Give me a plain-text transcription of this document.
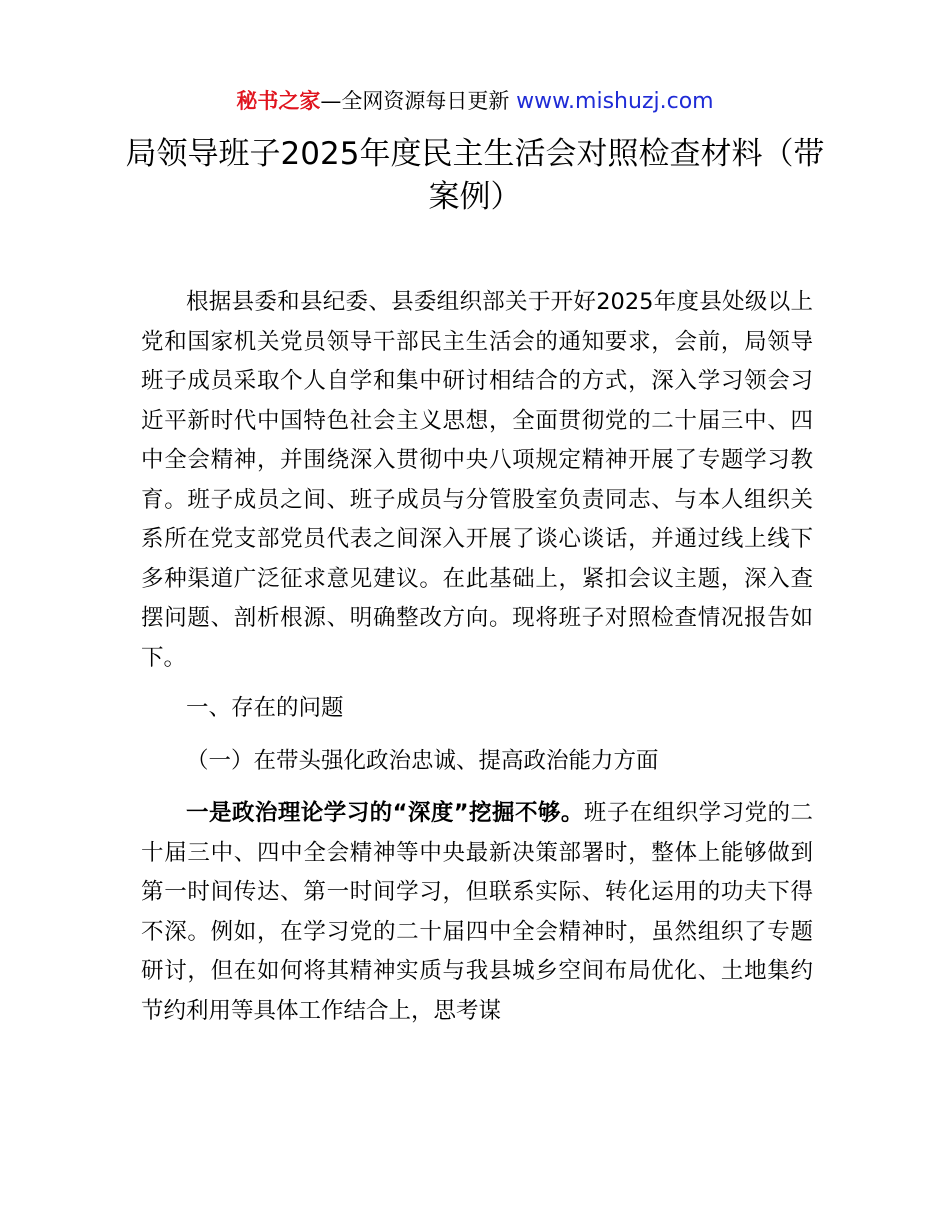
秘书之家—全网资源每日更新 www.mishuzj.com
局领导班子2025年度民主生活会对照检查材料（带案例）

根据县委和县纪委、县委组织部关于开好2025年度县处级以上党和国家机关党员领导干部民主生活会的通知要求，会前，局领导班子成员采取个人自学和集中研讨相结合的方式，深入学习领会习近平新时代中国特色社会主义思想，全面贯彻党的二十届三中、四中全会精神，并围绕深入贯彻中央八项规定精神开展了专题学习教育。班子成员之间、班子成员与分管股室负责同志、与本人组织关系所在党支部党员代表之间深入开展了谈心谈话，并通过线上线下多种渠道广泛征求意见建议。在此基础上，紧扣会议主题，深入查摆问题、剖析根源、明确整改方向。现将班子对照检查情况报告如下。

一、存在的问题

（一）在带头强化政治忠诚、提高政治能力方面

一是政治理论学习的“深度”挖掘不够。班子在组织学习党的二十届三中、四中全会精神等中央最新决策部署时，整体上能够做到第一时间传达、第一时间学习，但联系实际、转化运用的功夫下得不深。例如，在学习党的二十届四中全会精神时，虽然组织了专题研讨，但在如何将其精神实质与我县城乡空间布局优化、土地集约节约利用等具体工作结合上，思考谋
